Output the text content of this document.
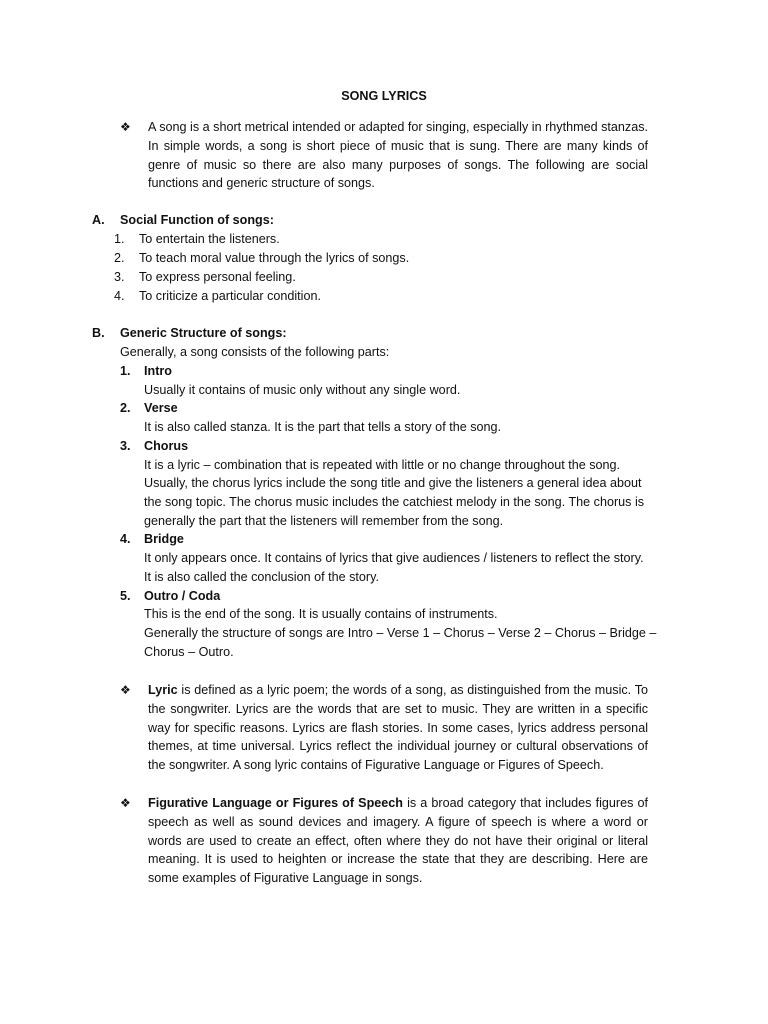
SONG LYRICS
❖	A song is a short metrical intended or adapted for singing, especially in rhythmed stanzas. In simple words, a song is short piece of music that is sung. There are many kinds of genre of music so there are also many purposes of songs. The following are social functions and generic structure of songs.
A. Social Function of songs:
1. To entertain the listeners.
2. To teach moral value through the lyrics of songs.
3. To express personal feeling.
4. To criticize a particular condition.
B. Generic Structure of songs:
Generally, a song consists of the following parts:
1. Intro
Usually it contains of music only without any single word.
2. Verse
It is also called stanza. It is the part that tells a story of the song.
3. Chorus
It is a lyric – combination that is repeated with little or no change throughout the song.
Usually, the chorus lyrics include the song title and give the listeners a general idea about
the song topic. The chorus music includes the catchiest melody in the song. The chorus is
generally the part that the listeners will remember from the song.
4. Bridge
It only appears once. It contains of lyrics that give audiences / listeners to reflect the story.
It is also called the conclusion of the story.
5. Outro / Coda
This is the end of the song. It is usually contains of instruments.
Generally the structure of songs are Intro – Verse 1 – Chorus – Verse 2 – Chorus – Bridge –
Chorus – Outro.
❖	Lyric is defined as a lyric poem; the words of a song, as distinguished from the music. To the songwriter. Lyrics are the words that are set to music. They are written in a specific way for specific reasons. Lyrics are flash stories. In some cases, lyrics address personal themes, at time universal. Lyrics reflect the individual journey or cultural observations of the songwriter. A song lyric contains of Figurative Language or Figures of Speech.
❖	Figurative Language or Figures of Speech is a broad category that includes figures of speech as well as sound devices and imagery. A figure of speech is where a word or words are used to create an effect, often where they do not have their original or literal meaning. It is used to heighten or increase the state that they are describing. Here are some examples of Figurative Language in songs.
